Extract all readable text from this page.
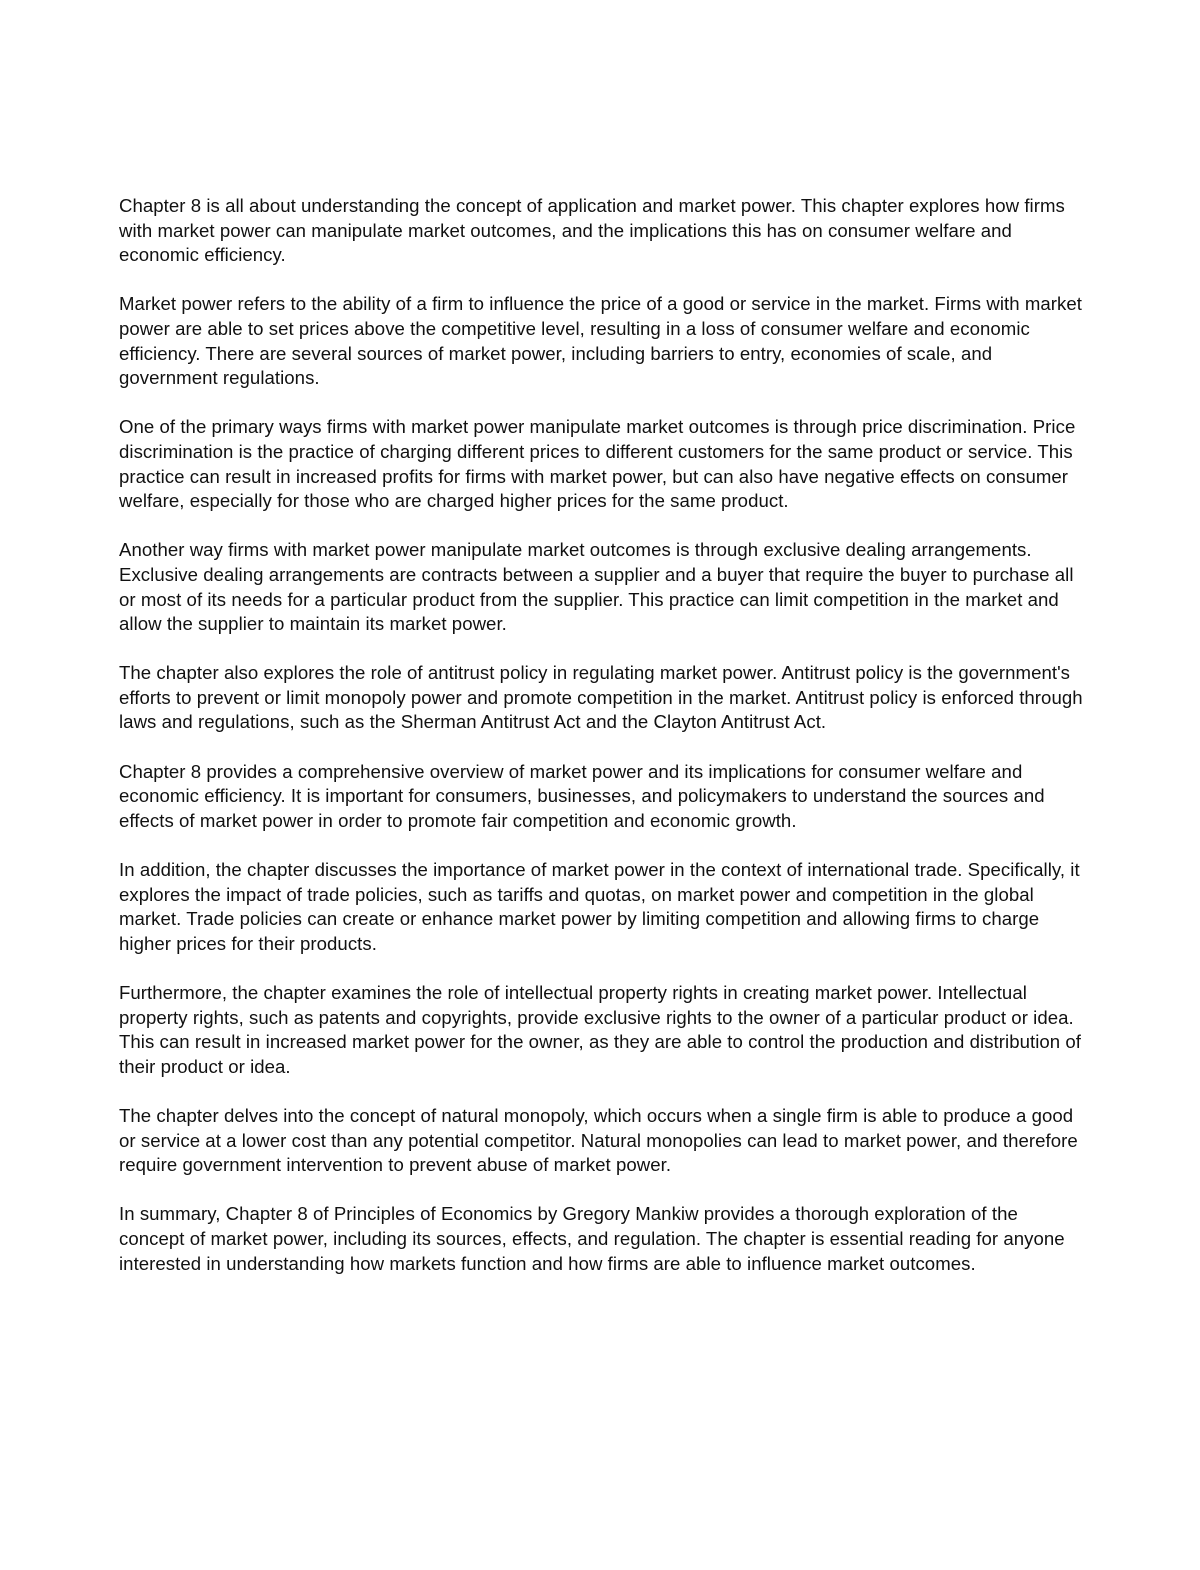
Chapter 8 is all about understanding the concept of application and market power. This chapter explores how firms with market power can manipulate market outcomes, and the implications this has on consumer welfare and economic efficiency.

Market power refers to the ability of a firm to influence the price of a good or service in the market. Firms with market power are able to set prices above the competitive level, resulting in a loss of consumer welfare and economic efficiency. There are several sources of market power, including barriers to entry, economies of scale, and government regulations.

One of the primary ways firms with market power manipulate market outcomes is through price discrimination. Price discrimination is the practice of charging different prices to different customers for the same product or service. This practice can result in increased profits for firms with market power, but can also have negative effects on consumer welfare, especially for those who are charged higher prices for the same product.

Another way firms with market power manipulate market outcomes is through exclusive dealing arrangements. Exclusive dealing arrangements are contracts between a supplier and a buyer that require the buyer to purchase all or most of its needs for a particular product from the supplier. This practice can limit competition in the market and allow the supplier to maintain its market power.

The chapter also explores the role of antitrust policy in regulating market power. Antitrust policy is the government's efforts to prevent or limit monopoly power and promote competition in the market. Antitrust policy is enforced through laws and regulations, such as the Sherman Antitrust Act and the Clayton Antitrust Act.

Chapter 8 provides a comprehensive overview of market power and its implications for consumer welfare and economic efficiency. It is important for consumers, businesses, and policymakers to understand the sources and effects of market power in order to promote fair competition and economic growth.

In addition, the chapter discusses the importance of market power in the context of international trade. Specifically, it explores the impact of trade policies, such as tariffs and quotas, on market power and competition in the global market. Trade policies can create or enhance market power by limiting competition and allowing firms to charge higher prices for their products.

Furthermore, the chapter examines the role of intellectual property rights in creating market power. Intellectual property rights, such as patents and copyrights, provide exclusive rights to the owner of a particular product or idea. This can result in increased market power for the owner, as they are able to control the production and distribution of their product or idea.

The chapter delves into the concept of natural monopoly, which occurs when a single firm is able to produce a good or service at a lower cost than any potential competitor. Natural monopolies can lead to market power, and therefore require government intervention to prevent abuse of market power.

In summary, Chapter 8 of Principles of Economics by Gregory Mankiw provides a thorough exploration of the concept of market power, including its sources, effects, and regulation. The chapter is essential reading for anyone interested in understanding how markets function and how firms are able to influence market outcomes.
